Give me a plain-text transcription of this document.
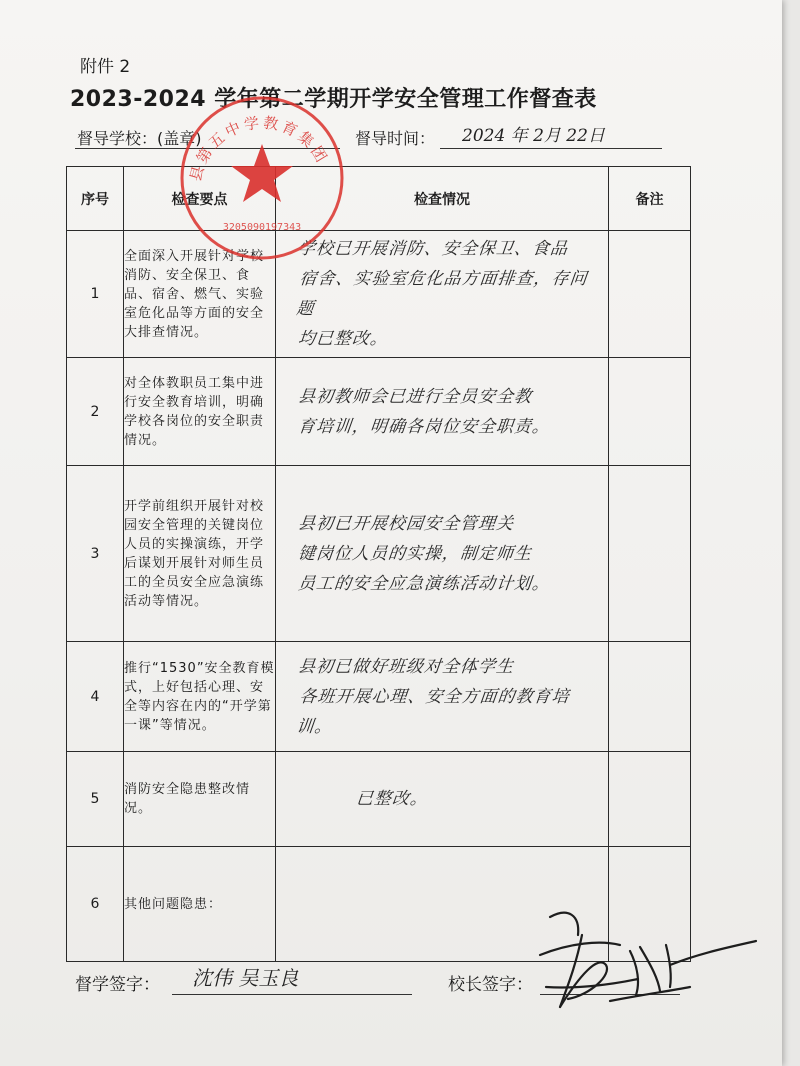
附件 2
2023-2024 学年第二学期开学安全管理工作督查表
督导学校：(盖章)	督导时间： 2024 年 2月 22日
序号	检查要点	检查情况	备注
1	全面深入开展针对学校消防、安全保卫、食品、宿舍、燃气、实验室危化品等方面的安全大排查情况。	学校已开展消防、安全保卫、食品
宿舍、实验室危化品方面排查，存问题
均已整改。	

2	对全体教职员工集中进行安全教育培训，明确学校各岗位的安全职责情况。	县初教师会已进行全员安全教
育培训，明确各岗位安全职责。	

3	开学前组织开展针对校园安全管理的关键岗位人员的实操演练，开学后谋划开展针对师生员工的全员安全应急演练活动等情况。	县初已开展校园安全管理关
键岗位人员的实操，制定师生
员工的安全应急演练活动计划。	

4	推行“1530”安全教育模式，上好包括心理、安全等内容在内的“开学第一课”等情况。	县初已做好班级对全体学生
各班开展心理、安全方面的教育培训。	

5	消防安全隐患整改情况。	已整改。	

6	其他问题隐患：		
县第五中学教育集团
3205090197343
督学签字： 沈伟 吴玉良	校长签字：
